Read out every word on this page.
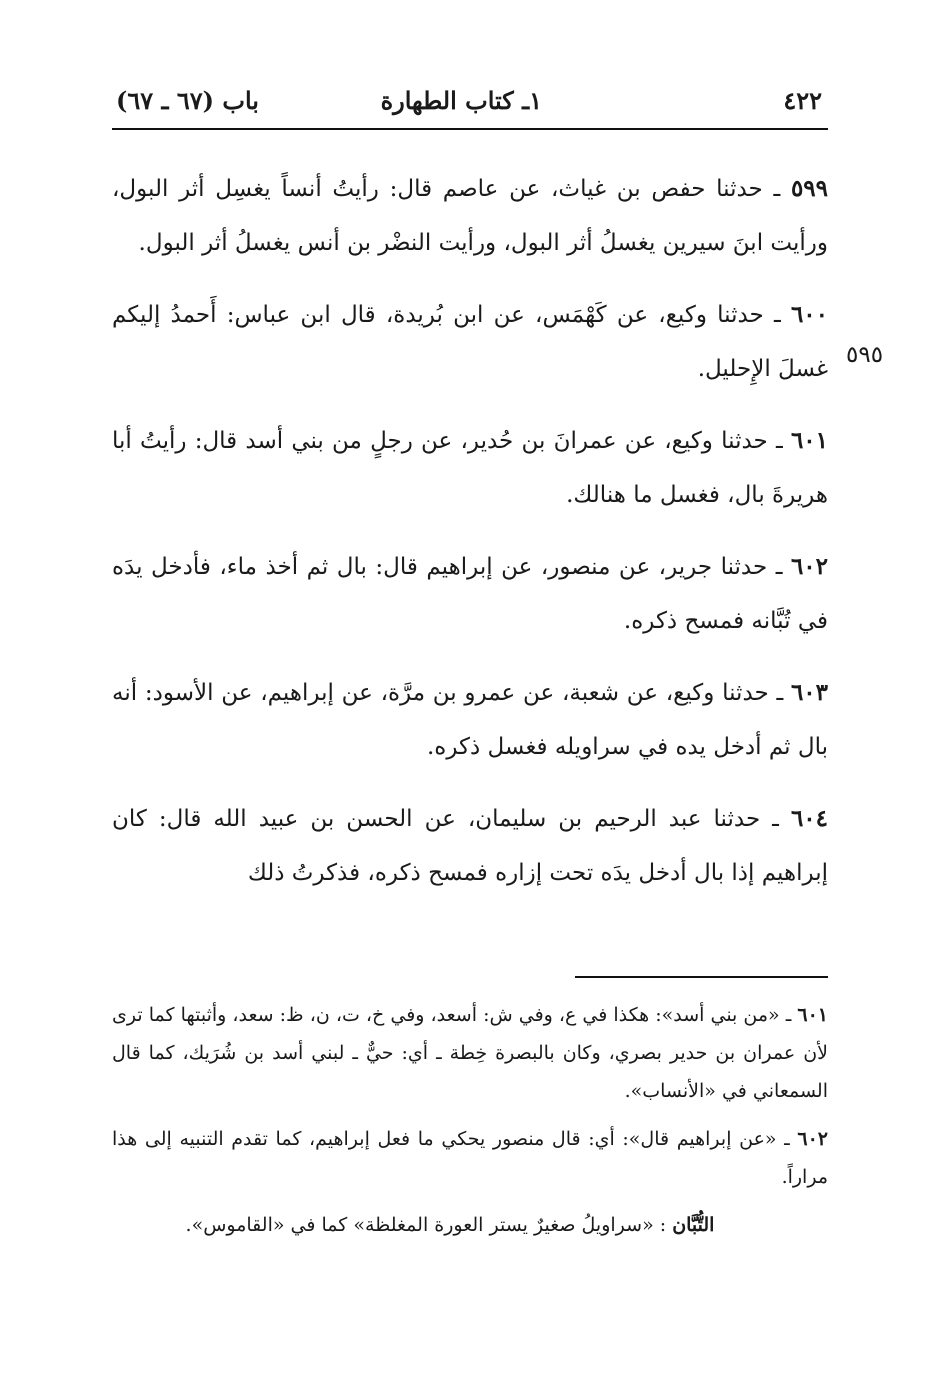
٤٢٢
١ـ كتاب الطهارة
باب (٦٧ ـ ٦٧)
٥٩٥

٥٩٩ ـ حدثنا حفص بن غياث، عن عاصم قال: رأيتُ أنساً يغسِل أثر البول، ورأيت ابنَ سيرين يغسلُ أثر البول، ورأيت النضْر بن أنس يغسلُ أثر البول.

٦٠٠ ـ حدثنا وكيع، عن كَهْمَس، عن ابن بُريدة، قال ابن عباس: أَحمدُ إليكم غسلَ الإِحليل.

٦٠١ ـ حدثنا وكيع، عن عمرانَ بن حُدير، عن رجلٍ من بني أسد قال: رأيتُ أبا هريرةَ بال، فغسل ما هنالك.

٦٠٢ ـ حدثنا جرير، عن منصور، عن إبراهيم قال: بال ثم أخذ ماء، فأدخل يدَه في تُبَّانه فمسح ذكره.

٦٠٣ ـ حدثنا وكيع، عن شعبة، عن عمرو بن مرَّة، عن إبراهيم، عن الأسود: أنه بال ثم أدخل يده في سراويله فغسل ذكره.

٦٠٤ ـ حدثنا عبد الرحيم بن سليمان، عن الحسن بن عبيد الله قال: كان إبراهيم إذا بال أدخل يدَه تحت إزاره فمسح ذكره، فذكرتُ ذلك

٦٠١ ـ «من بني أسد»: هكذا في ع، وفي ش: أسعد، وفي خ، ت، ن، ظ: سعد، وأثبتها كما ترى لأن عمران بن حدير بصري، وكان بالبصرة خِطة ـ أي: حيٌّ ـ لبني أسد بن شُرَيك، كما قال السمعاني في «الأنساب».

٦٠٢ ـ «عن إبراهيم قال»: أي: قال منصور يحكي ما فعل إبراهيم، كما تقدم التنبيه إلى هذا مراراً.

التُّبَّان : «سراويلُ صغيرٌ يستر العورة المغلظة» كما في «القاموس».
